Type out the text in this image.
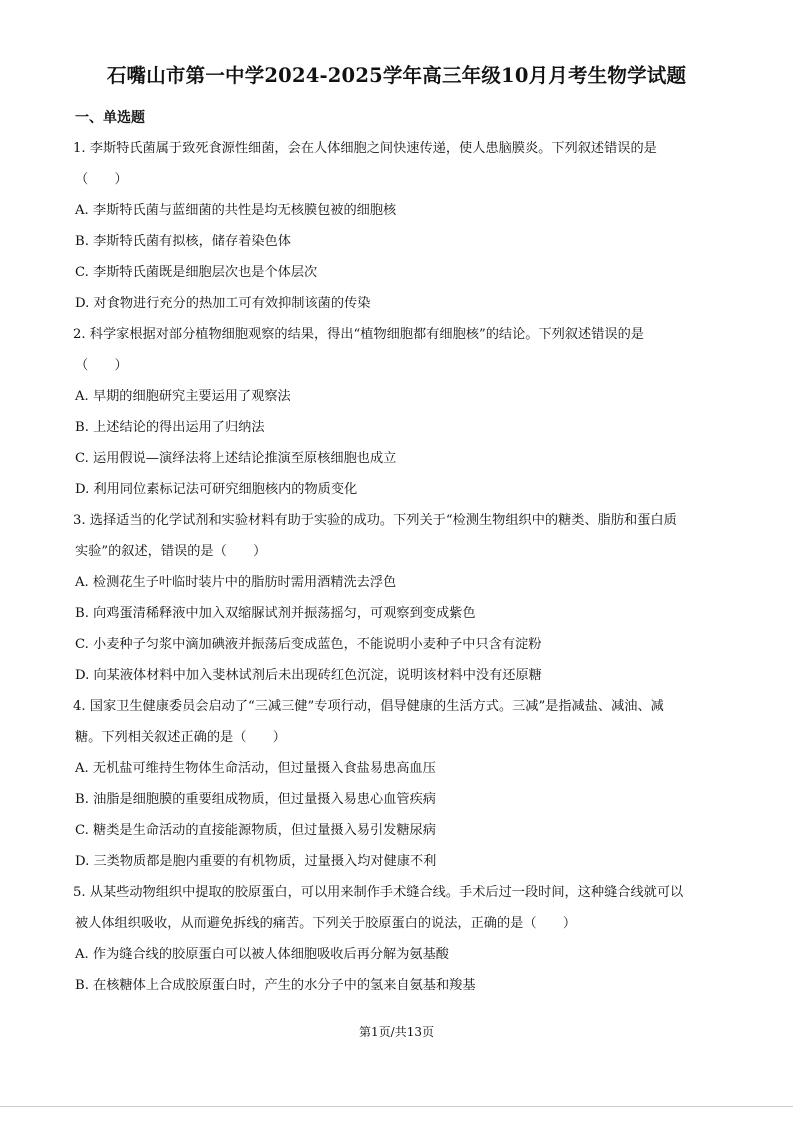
石嘴山市第一中学2024-2025学年高三年级10月月考生物学试题
一、单选题
1. 李斯特氏菌属于致死食源性细菌，会在人体细胞之间快速传递，使人患脑膜炎。下列叙述错误的是
（　　）
A. 李斯特氏菌与蓝细菌的共性是均无核膜包被的细胞核
B. 李斯特氏菌有拟核，储存着染色体
C. 李斯特氏菌既是细胞层次也是个体层次
D. 对食物进行充分的热加工可有效抑制该菌的传染
2. 科学家根据对部分植物细胞观察的结果，得出“植物细胞都有细胞核”的结论。下列叙述错误的是
（　　）
A. 早期的细胞研究主要运用了观察法
B. 上述结论的得出运用了归纳法
C. 运用假说—演绎法将上述结论推演至原核细胞也成立
D. 利用同位素标记法可研究细胞核内的物质变化
3. 选择适当的化学试剂和实验材料有助于实验的成功。下列关于“检测生物组织中的糖类、脂肪和蛋白质
实验”的叙述，错误的是（　　）
A. 检测花生子叶临时装片中的脂肪时需用酒精洗去浮色
B. 向鸡蛋清稀释液中加入双缩脲试剂并振荡摇匀，可观察到变成紫色
C. 小麦种子匀浆中滴加碘液并振荡后变成蓝色，不能说明小麦种子中只含有淀粉
D. 向某液体材料中加入斐林试剂后未出现砖红色沉淀，说明该材料中没有还原糖
4. 国家卫生健康委员会启动了“三减三健”专项行动，倡导健康的生活方式。三减”是指减盐、减油、减
糖。下列相关叙述正确的是（　　）
A. 无机盐可维持生物体生命活动，但过量摄入食盐易患高血压
B. 油脂是细胞膜的重要组成物质，但过量摄入易患心血管疾病
C. 糖类是生命活动的直接能源物质，但过量摄入易引发糖尿病
D. 三类物质都是胞内重要的有机物质，过量摄入均对健康不利
5. 从某些动物组织中提取的胶原蛋白，可以用来制作手术缝合线。手术后过一段时间，这种缝合线就可以
被人体组织吸收，从而避免拆线的痛苦。下列关于胶原蛋白的说法，正确的是（　　）
A. 作为缝合线的胶原蛋白可以被人体细胞吸收后再分解为氨基酸
B. 在核糖体上合成胶原蛋白时，产生的水分子中的氢来自氨基和羧基
第1页/共13页
